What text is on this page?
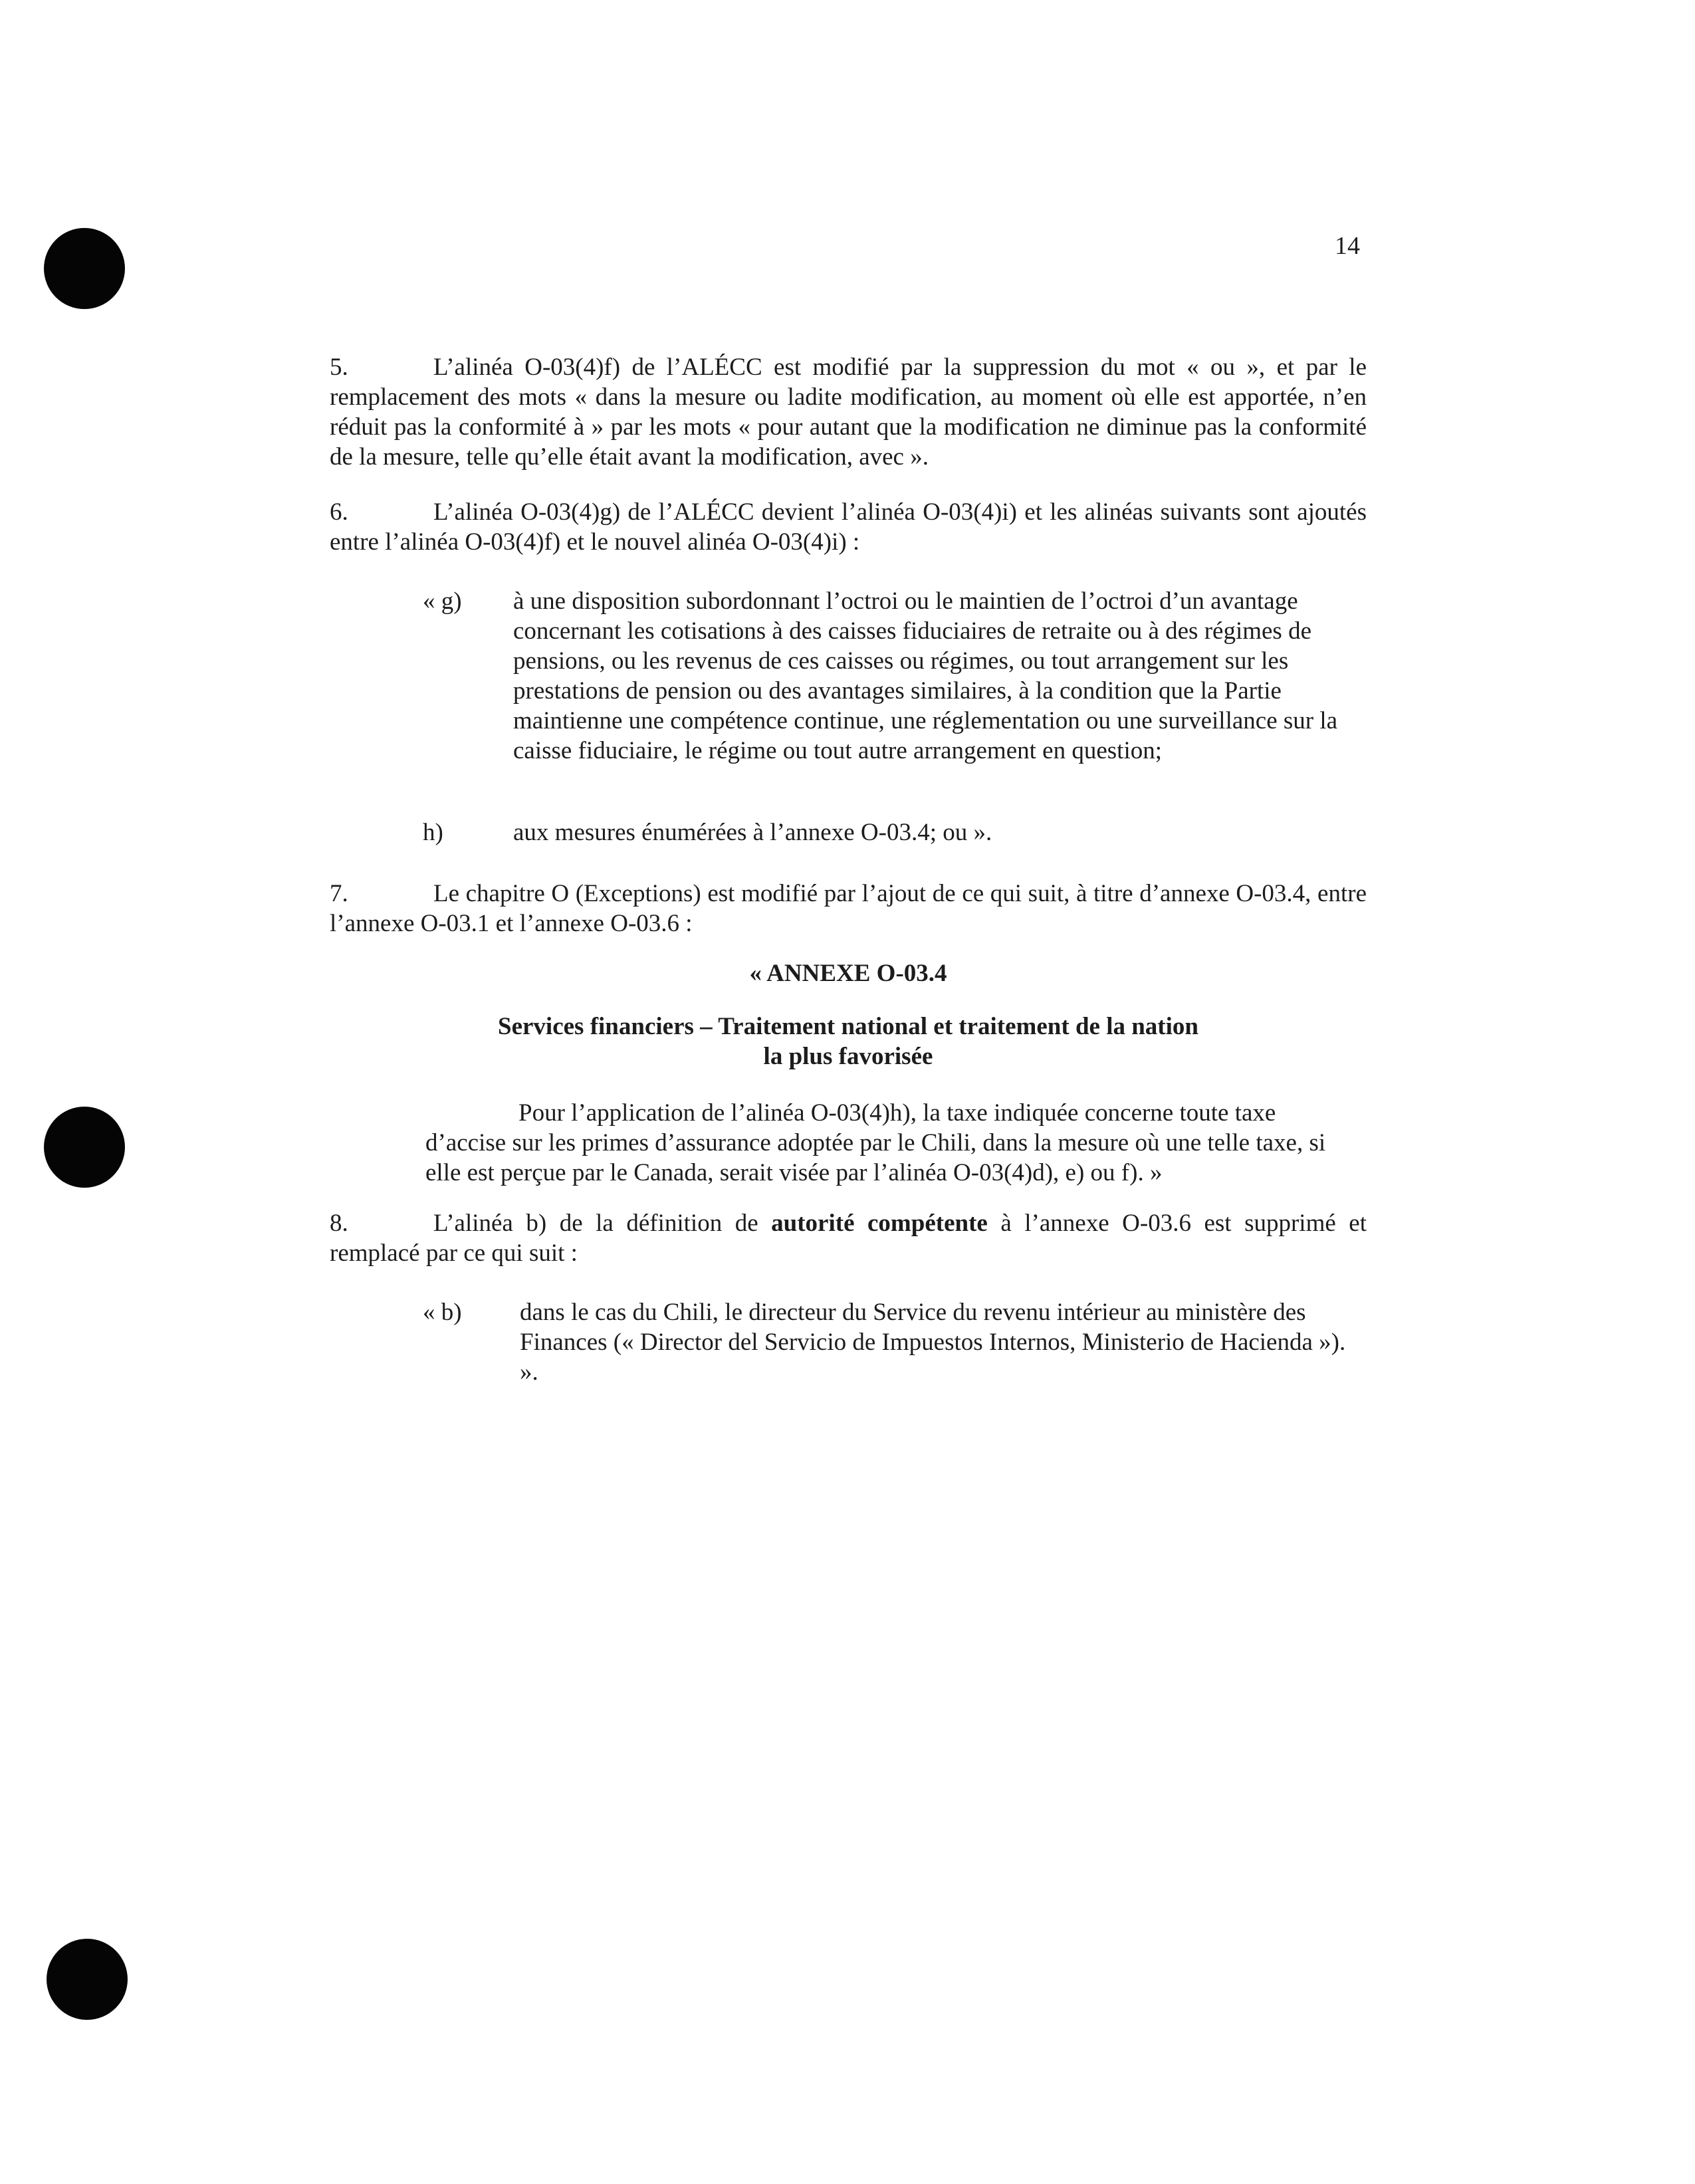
14

5.	L’alinéa O-03(4)f) de l’ALÉCC est modifié par la suppression du mot « ou », et par le remplacement des mots « dans la mesure ou ladite modification, au moment où elle est apportée, n’en réduit pas la conformité à » par les mots « pour autant que la modification ne diminue pas la conformité de la mesure, telle qu’elle était avant la modification, avec ».

6.	L’alinéa O-03(4)g) de l’ALÉCC devient l’alinéa O-03(4)i) et les alinéas suivants sont ajoutés entre l’alinéa O-03(4)f) et le nouvel alinéa O-03(4)i) :

« g) à une disposition subordonnant l’octroi ou le maintien de l’octroi d’un avantage concernant les cotisations à des caisses fiduciaires de retraite ou à des régimes de pensions, ou les revenus de ces caisses ou régimes, ou tout arrangement sur les prestations de pension ou des avantages similaires, à la condition que la Partie maintienne une compétence continue, une réglementation ou une surveillance sur la caisse fiduciaire, le régime ou tout autre arrangement en question;
h)	aux mesures énumérées à l’annexe O-03.4; ou ».

7.	Le chapitre O (Exceptions) est modifié par l’ajout de ce qui suit, à titre d’annexe O-03.4, entre l’annexe O-03.1 et l’annexe O-03.6 :

« ANNEXE O-03.4
Services financiers – Traitement national et traitement de la nation
la plus favorisée
Pour l’application de l’alinéa O-03(4)h), la taxe indiquée concerne toute taxe d’accise sur les primes d’assurance adoptée par le Chili, dans la mesure où une telle taxe, si elle est perçue par le Canada, serait visée par l’alinéa O-03(4)d), e) ou f). »

8.	L’alinéa b) de la définition de autorité compétente à l’annexe O-03.6 est supprimé et remplacé par ce qui suit :

« b) dans le cas du Chili, le directeur du Service du revenu intérieur au ministère des Finances (« Director del Servicio de Impuestos Internos, Ministerio de Hacienda »). ».
